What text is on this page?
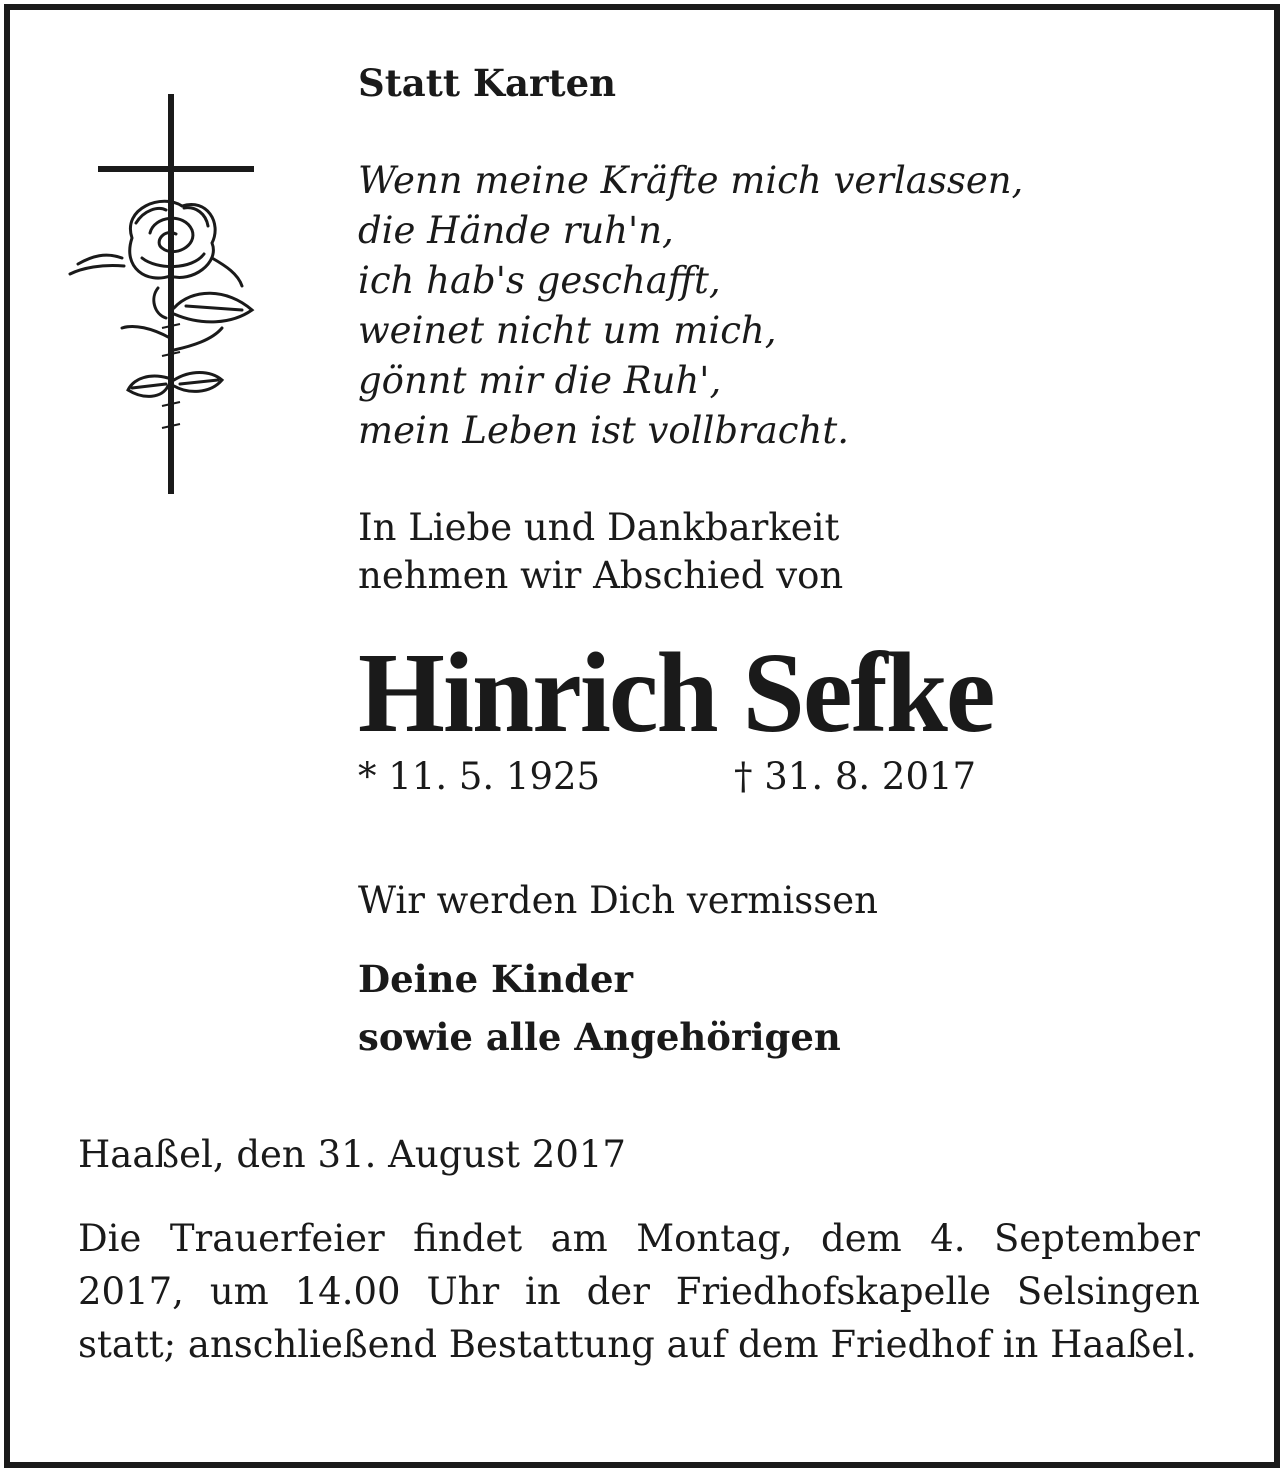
Statt Karten
Wenn meine Kräfte mich verlassen,
die Hände ruh'n,
ich hab's geschafft,
weinet nicht um mich,
gönnt mir die Ruh',
mein Leben ist vollbracht.
In Liebe und Dankbarkeit
nehmen wir Abschied von
Hinrich Sefke
* 11. 5. 1925	† 31. 8. 2017
Wir werden Dich vermissen
Deine Kinder
sowie alle Angehörigen
Haaßel, den 31. August 2017
Die Trauerfeier findet am Montag, dem 4. September 2017, um 14.00 Uhr in der Friedhofskapelle Selsingen statt; anschließend Bestattung auf dem Friedhof in Haaßel.
